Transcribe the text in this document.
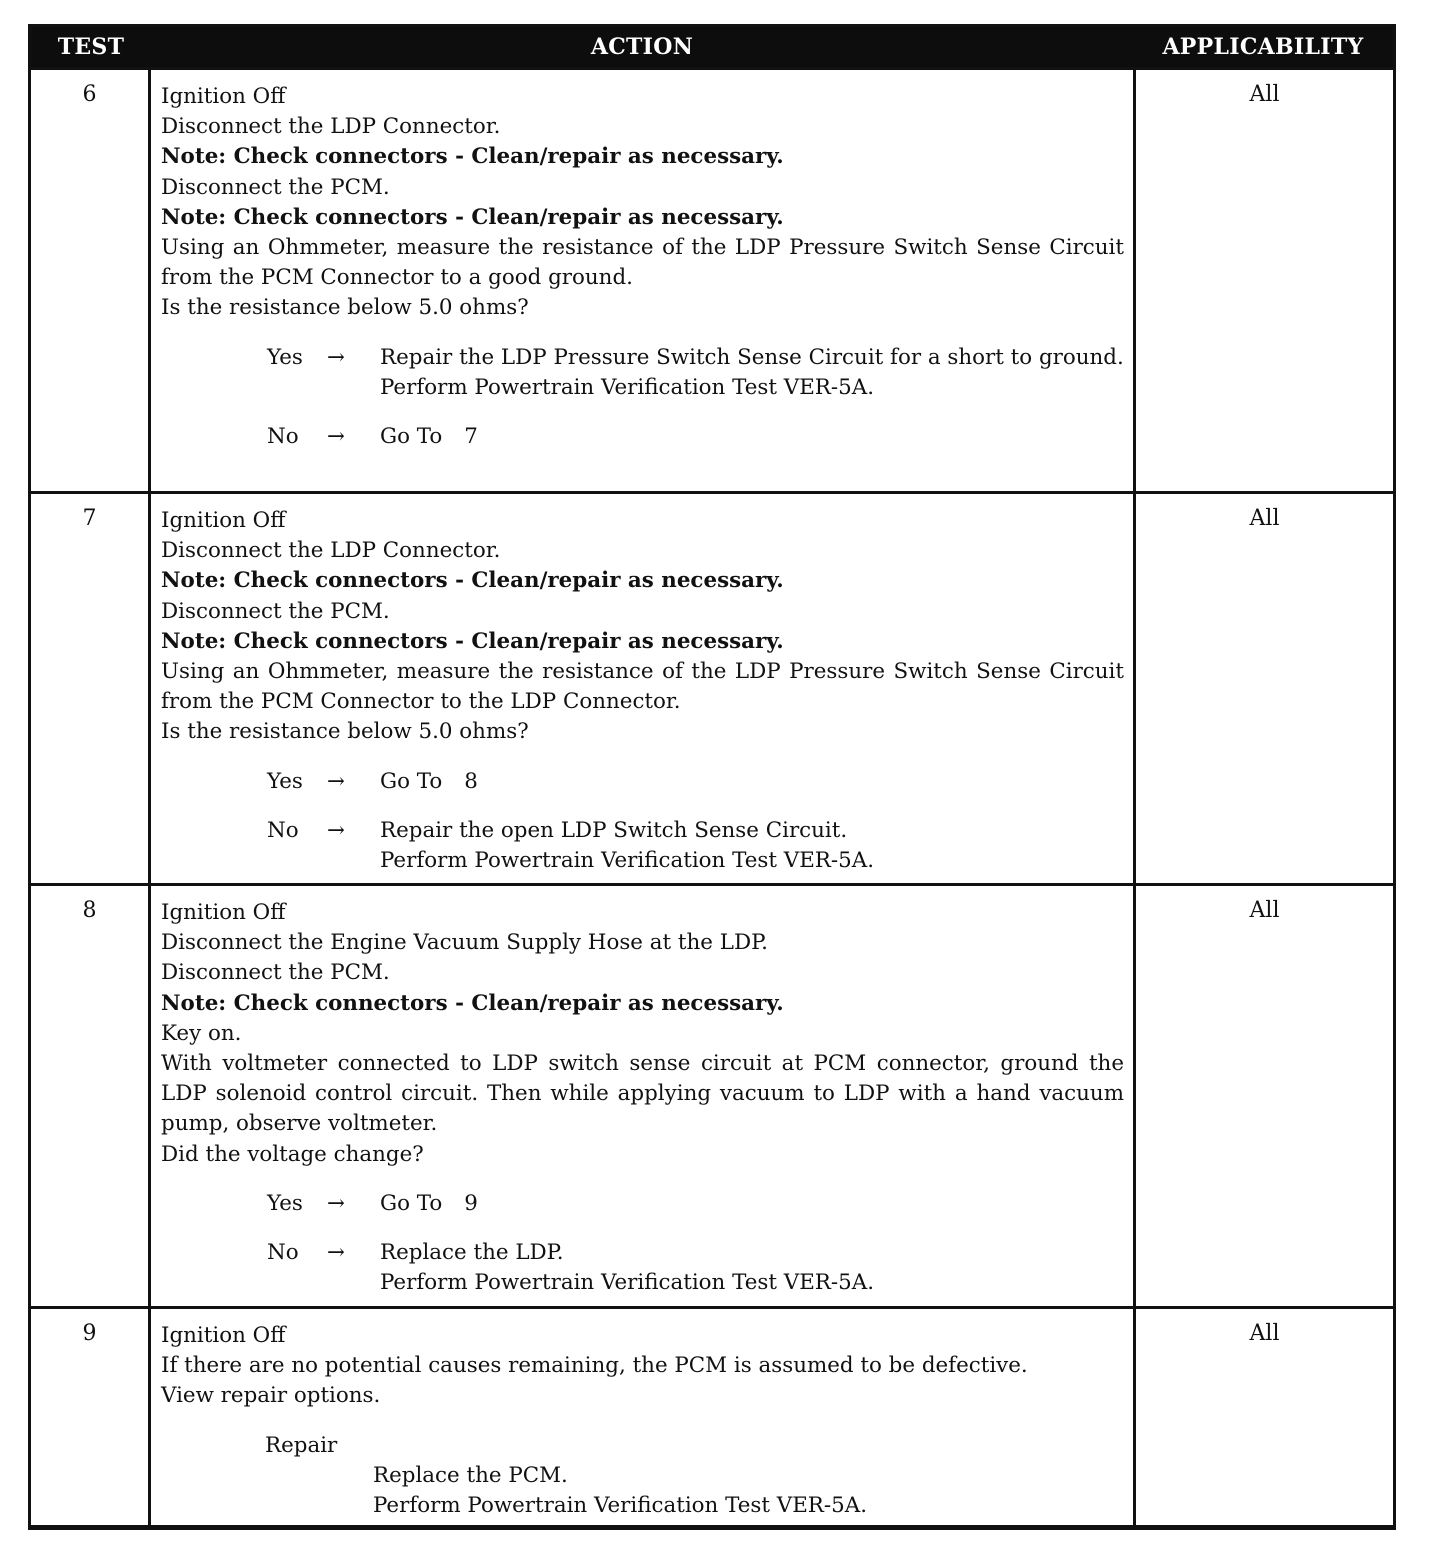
TEST	ACTION	APPLICABILITY
6	Ignition Off
Disconnect the LDP Connector.
Note: Check connectors - Clean/repair as necessary.
Disconnect the PCM.
Note: Check connectors - Clean/repair as necessary.
Using an Ohmmeter, measure the resistance of the LDP Pressure Switch Sense Circuit from the PCM Connector to a good ground.
Is the resistance below 5.0 ohms?
Yes	→	Repair the LDP Pressure Switch Sense Circuit for a short to ground.
Perform Powertrain Verification Test VER-5A.
No	→	Go To 7
All
7	Ignition Off
Disconnect the LDP Connector.
Note: Check connectors - Clean/repair as necessary.
Disconnect the PCM.
Note: Check connectors - Clean/repair as necessary.
Using an Ohmmeter, measure the resistance of the LDP Pressure Switch Sense Circuit from the PCM Connector to the LDP Connector.
Is the resistance below 5.0 ohms?
Yes	→	Go To 8
No	→	Repair the open LDP Switch Sense Circuit.
Perform Powertrain Verification Test VER-5A.
All
8	Ignition Off
Disconnect the Engine Vacuum Supply Hose at the LDP.
Disconnect the PCM.
Note: Check connectors - Clean/repair as necessary.
Key on.
With voltmeter connected to LDP switch sense circuit at PCM connector, ground the LDP solenoid control circuit. Then while applying vacuum to LDP with a hand vacuum pump, observe voltmeter.
Did the voltage change?
Yes	→	Go To 9
No	→	Replace the LDP.
Perform Powertrain Verification Test VER-5A.
All
9	Ignition Off
If there are no potential causes remaining, the PCM is assumed to be defective.
View repair options.
Repair
Replace the PCM.
Perform Powertrain Verification Test VER-5A.
All
